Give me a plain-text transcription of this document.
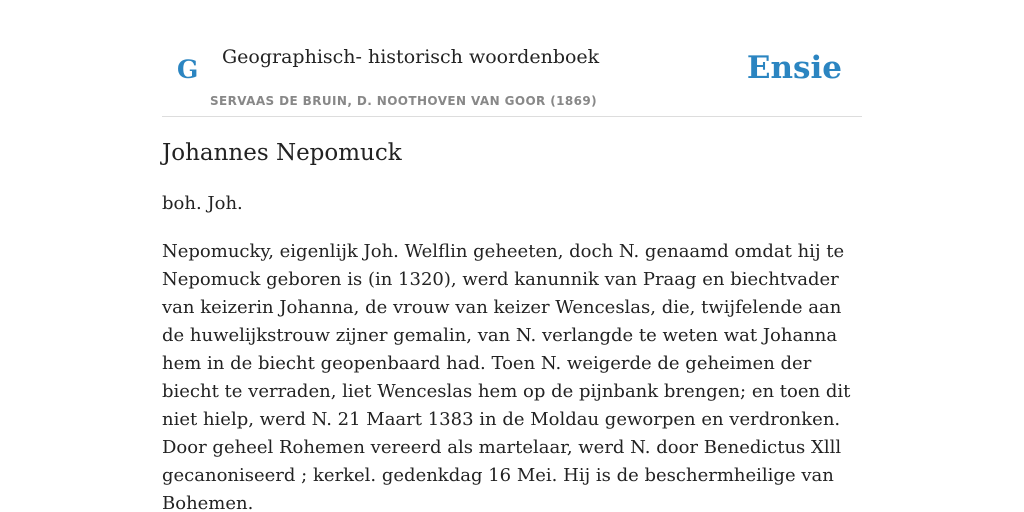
G Geographisch- historisch woordenboek
SERVAAS DE BRUIN, D. NOOTHOVEN VAN GOOR (1869)
Ensie
Johannes Nepomuck

boh. Joh.

Nepomucky, eigenlijk Joh. Welflin geheeten, doch N. genaamd omdat hij te Nepomuck geboren is (in 1320), werd kanunnik van Praag en biechtvader van keizerin Johanna, de vrouw van keizer Wenceslas, die, twijfelende aan de huwelijkstrouw zijner gemalin, van N. verlangde te weten wat Johanna hem in de biecht geopenbaard had. Toen N. weigerde de geheimen der biecht te verraden, liet Wenceslas hem op de pijnbank brengen; en toen dit niet hielp, werd N. 21 Maart 1383 in de Moldau geworpen en verdronken. Door geheel Rohemen vereerd als martelaar, werd N. door Benedictus Xlll gecanoniseerd ; kerkel. gedenkdag 16 Mei. Hij is de beschermheilige van Bohemen.
